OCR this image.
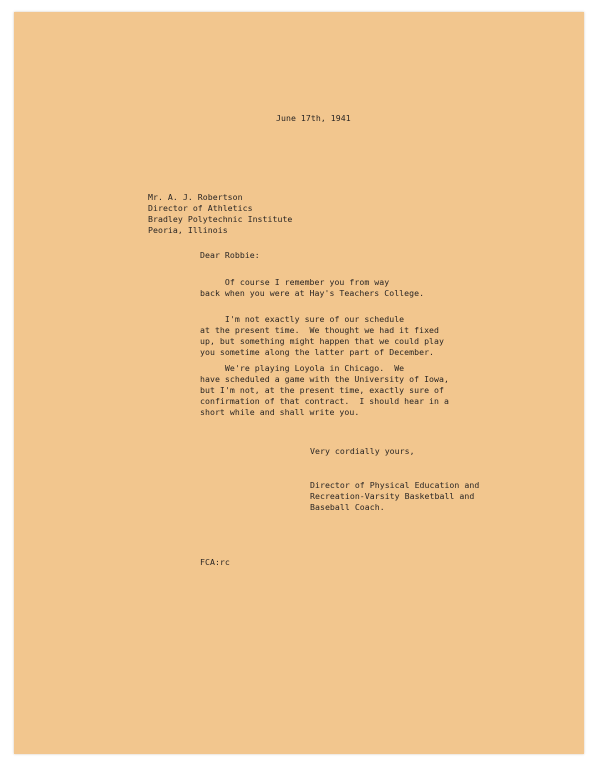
June 17th, 1941
Mr. A. J. Robertson
Director of Athletics
Bradley Polytechnic Institute
Peoria, Illinois
Dear Robbie:
Of course I remember you from way
back when you were at Hay's Teachers College.
I'm not exactly sure of our schedule
at the present time.  We thought we had it fixed
up, but something might happen that we could play
you sometime along the latter part of December.
We're playing Loyola in Chicago.  We
have scheduled a game with the University of Iowa,
but I'm not, at the present time, exactly sure of
confirmation of that contract.  I should hear in a
short while and shall write you.
Very cordially yours,
Director of Physical Education and
Recreation-Varsity Basketball and
Baseball Coach.
FCA:rc
